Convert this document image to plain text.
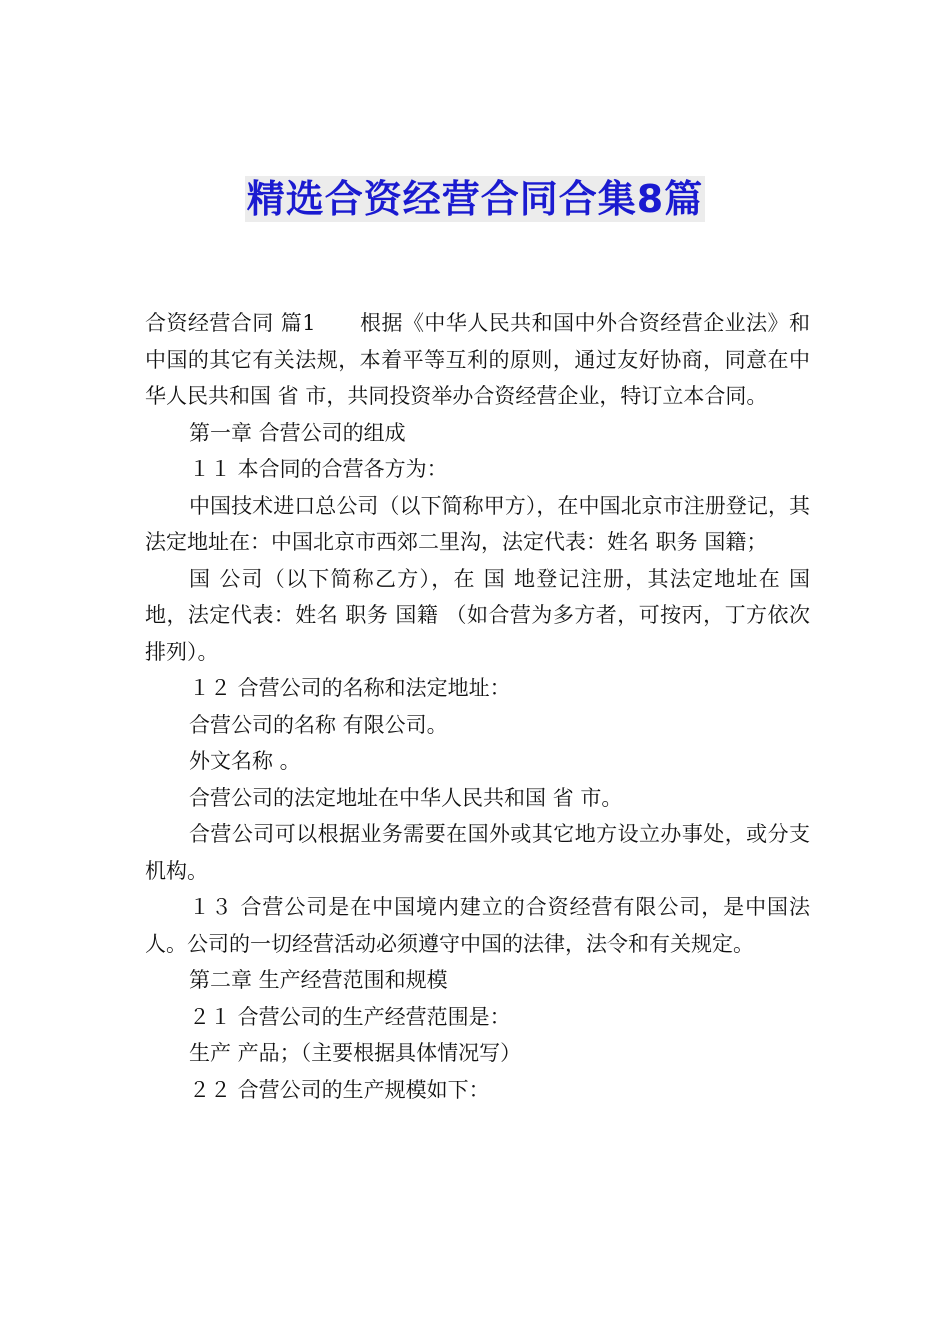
精选合资经营合同合集8篇

合资经营合同 篇1 根据《中华人民共和国中外合资经营企业法》和中国的其它有关法规，本着平等互利的原则，通过友好协商，同意在中华人民共和国 省 市，共同投资举办合资经营企业，特订立本合同。

第一章 合营公司的组成

１１ 本合同的合营各方为：

中国技术进口总公司（以下简称甲方），在中国北京市注册登记，其法定地址在：中国北京市西郊二里沟，法定代表：姓名 职务 国籍；

国 公司（以下简称乙方），在 国 地登记注册，其法定地址在 国 地，法定代表：姓名 职务 国籍 （如合营为多方者，可按丙，丁方依次排列）。

１２ 合营公司的名称和法定地址：

合营公司的名称 有限公司。

外文名称 。

合营公司的法定地址在中华人民共和国 省 市。

合营公司可以根据业务需要在国外或其它地方设立办事处，或分支机构。

１３ 合营公司是在中国境内建立的合资经营有限公司，是中国法人。公司的一切经营活动必须遵守中国的法律，法令和有关规定。

第二章 生产经营范围和规模

２１ 合营公司的生产经营范围是：

生产 产品；（主要根据具体情况写）

２２ 合营公司的生产规模如下：
